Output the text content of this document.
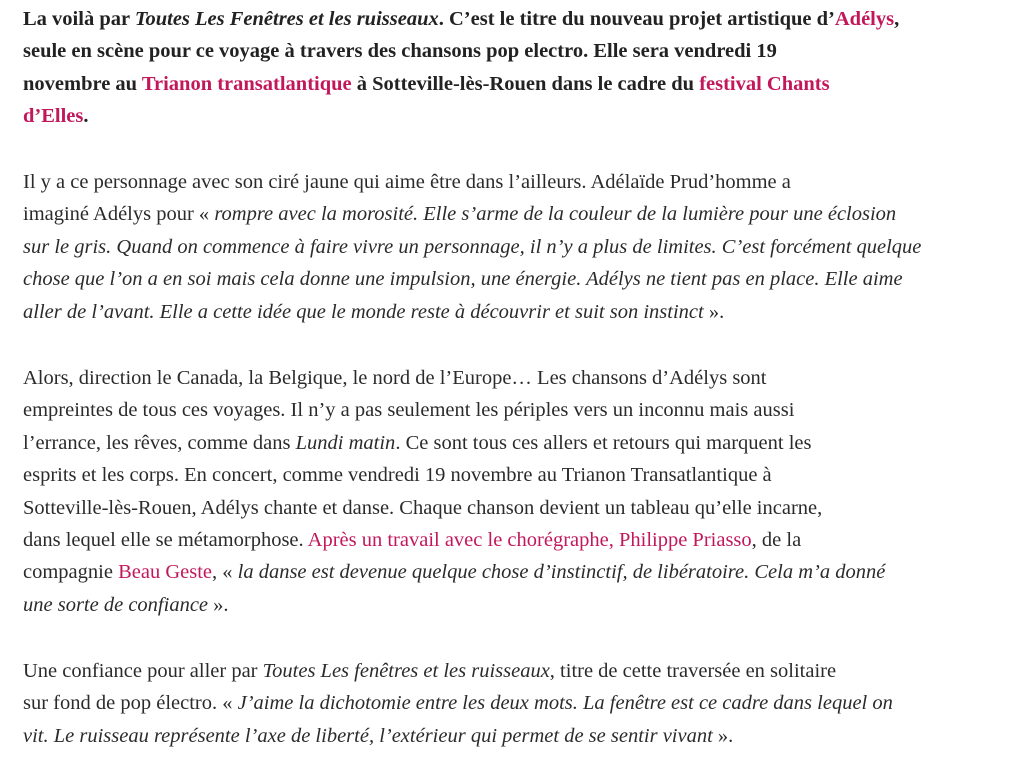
La voilà par Toutes Les Fenêtres et les ruisseaux. C’est le titre du nouveau projet artistique d’Adélys,
seule en scène pour ce voyage à travers des chansons pop electro. Elle sera vendredi 19
novembre au Trianon transatlantique à Sotteville-lès-Rouen dans le cadre du festival Chants
d’Elles.

Il y a ce personnage avec son ciré jaune qui aime être dans l’ailleurs. Adélaïde Prud’homme a
imaginé Adélys pour « rompre avec la morosité. Elle s’arme de la couleur de la lumière pour une éclosion
sur le gris. Quand on commence à faire vivre un personnage, il n’y a plus de limites. C’est forcément quelque
chose que l’on a en soi mais cela donne une impulsion, une énergie. Adélys ne tient pas en place. Elle aime
aller de l’avant. Elle a cette idée que le monde reste à découvrir et suit son instinct ».

Alors, direction le Canada, la Belgique, le nord de l’Europe… Les chansons d’Adélys sont
empreintes de tous ces voyages. Il n’y a pas seulement les périples vers un inconnu mais aussi
l’errance, les rêves, comme dans Lundi matin. Ce sont tous ces allers et retours qui marquent les
esprits et les corps. En concert, comme vendredi 19 novembre au Trianon Transatlantique à
Sotteville-lès-Rouen, Adélys chante et danse. Chaque chanson devient un tableau qu’elle incarne,
dans lequel elle se métamorphose. Après un travail avec le chorégraphe, Philippe Priasso, de la
compagnie Beau Geste, « la danse est devenue quelque chose d’instinctif, de libératoire. Cela m’a donné
une sorte de confiance ».

Une confiance pour aller par Toutes Les fenêtres et les ruisseaux, titre de cette traversée en solitaire
sur fond de pop électro. « J’aime la dichotomie entre les deux mots. La fenêtre est ce cadre dans lequel on
vit. Le ruisseau représente l’axe de liberté, l’extérieur qui permet de se sentir vivant ».
